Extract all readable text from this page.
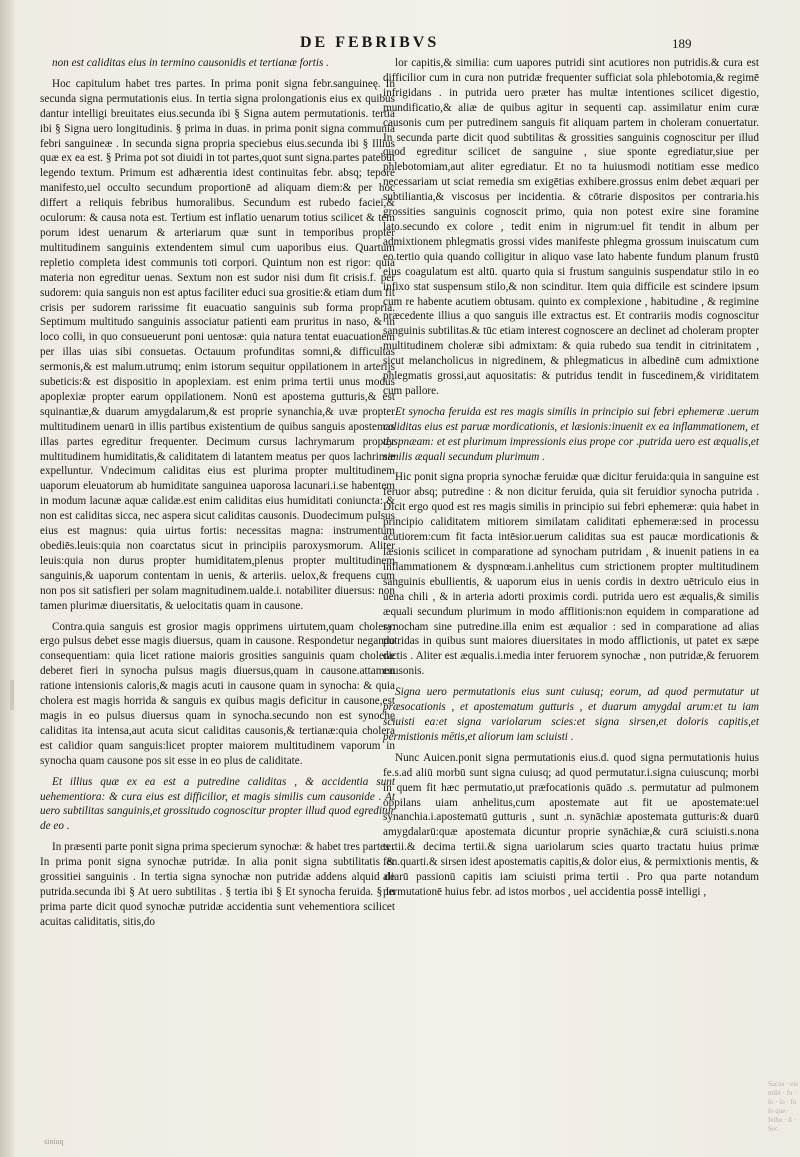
DE FEBRIBVS	189

non est caliditas eius in termino causonidis et tertianæ fortis .

Hoc capitulum habet tres partes. In prima ponit signa febr.sanguineę. In secunda signa permutationis eius. In tertia signa prolongationis eius ex quibus dantur intelligi breuitates eius.secunda ibi § Signa autem permutationis. tertia ibi § Signa uero longitudinis. § prima in duas. in prima ponit signa communia febri sanguineæ . In secunda signa propria speciebus eius.secunda ibi § Illius quæ ex ea est. § Prima pot sot diuidi in tot partes,quot sunt signa.partes patebūt legendo textum. Primum est adhærentia idest continuitas febr. absq; tepore manifesto,uel occulto secundum proportionē ad aliquam diem:& per hoc differt a reliquis febribus humoralibus. Secundum est rubedo faciei,& oculorum: & causa nota est. Tertium est inflatio uenarum totius scilicet & tem porum idest uenarum & arteriarum quæ sunt in temporibus propter multitudinem sanguinis extendentem simul cum uaporibus eius. Quartum repletio completa idest communis toti corpori. Quintum non est rigor: quia materia non egreditur uenas. Sextum non est sudor nisi dum fit crisis.f. per sudorem: quia sanguis non est aptus faciliter educi sua grositie:& etiam dum fit crisis per sudorem rarissime fit euacuatio sanguinis sub forma propria. Septimum multitudo sanguinis associatur patienti eam pruritus in naso, & in loco colli, in quo consueuerunt poni uentosæ: quia natura tentat euacuationem per illas uias sibi consuetas. Octauum profunditas somni,& difficultas sermonis,& est malum.utrumq; enim istorum sequitur oppilationem in arterijs subeticis:& est dispositio in apoplexiam. est enim prima tertii unus modus apoplexiæ propter earum oppilationem. Nonū est apostema gutturis,& est squinantiæ,& duarum amygdalarum,& est proprie synanchia,& uvæ propter multitudinem uenarū in illis partibus existentium de quibus sanguis apostemas illas partes egreditur frequenter. Decimum cursus lachrymarum propter multitudinem humiditatis,& caliditatem di latantem meatus per quos lachrimæ expelluntur. Vndecimum caliditas eius est plurima propter multitudinem uaporum eleuatorum ab humiditate sanguinea uaporosa lacunari.i.se habentem in modum lacunæ aquæ calidæ.est enim caliditas eius humiditati coniuncta: & non est caliditas sicca, nec aspera sicut caliditas causonis. Duodecimum pulsus eius est magnus: quia uirtus fortis: necessitas magna: instrumentum obediēs.leuis:quia non coarctatus sicut in principiis paroxysmorum. Aliter leuis:quia non durus propter humiditatem,plenus propter multitudinem sanguinis,& uaporum contentam in uenis, & arteriis. uelox,& frequens cum non pos sit satisfieri per solam magnitudinem.ualde.i. notabiliter diuersus: non tamen plurimæ diuersitatis, & uelocitatis quam in causone.

Contra.quia sanguis est grosior magis opprimens uirtutem,quam cholera: ergo pulsus debet esse magis diuersus, quam in causone. Respondetur negando consequentiam: quia licet ratione maioris grosities sanguinis quam choleræ deberet fieri in synocha pulsus magis diuersus,quam in causone.attamen ratione intensionis caloris,& magis acuti in causone quam in synocha: & quia cholera est magis horrida & sanguis ex quibus magis deficitur in causone,est magis in eo pulsus diuersus quam in synocha.secundo non est synochę caliditas ita intensa,aut acuta sicut caliditas causonis,& tertianæ:quia cholera est calidior quam sanguis:licet propter maiorem multitudinem vaporum in synocha quam causone pos sit esse in eo plus de caliditate.

Et illius quæ ex ea est a putredine caliditas , & accidentia sunt uehementiora: & cura eius est difficilior, et magis similis cum causonide . At uero subtilitas sanguinis,et grossitudo cognoscitur propter illud quod egreditur de eo .

In præsenti parte ponit signa prima specierum synochæ: & habet tres partes . In prima ponit signa synochæ putridæ. In alia ponit signa subtilitatis & grossitiei sanguinis . In tertia signa synochæ non putridæ addens alquid de putrida.secunda ibi § At uero subtilitas . § tertia ibi § Et synocha feruida. § In prima parte dicit quod synochæ putridæ accidentia sunt vehementiora scilicet acuitas caliditatis, sitis,do

lor capitis,& similia: cum uapores putridi sint acutiores non putridis.& cura est difficilior cum in cura non putridæ frequenter sufficiat sola phlebotomia,& regimē infrigidans . in putrida uero præter has multæ intentiones scilicet digestio, mundificatio,& aliæ de quibus agitur in sequenti cap. assimilatur enim curæ causonis cum per putredinem sanguis fit aliquam partem in choleram conuertatur. In secunda parte dicit quod subtilitas & grossities sanguinis cognoscitur per illud quod egreditur scilicet de sanguine , siue sponte egrediatur,siue per phlebotomiam,aut aliter egrediatur. Et no ta huiusmodi notitiam esse medico necessariam ut sciat remedia sm exigētias exhibere.grossus enim debet æquari per subtiliantia,& viscosus per incidentia. & cōtrarie dispositos per contraria.his grossities sanguinis cognoscit primo, quia non potest exire sine foramine lato.secundo ex colore , tedit enim in nigrum:uel fit tendit in album per admixtionem phlegmatis grossi vides manifeste phlegma grossum inuiscatum cum eo.tertio quia quando colligitur in aliquo vase lato habente fundum planum frustū eius coagulatum est altū. quarto quia si frustum sanguinis suspendatur stilo in eo infixo stat suspensum stilo,& non scinditur. Item quia difficile est scindere ipsum cum re habente acutiem obtusam. quinto ex complexione , habitudine , & regimine præcedente illius a quo sanguis ille extractus est. Et contrariis modis cognoscitur sanguinis subtilitas.& tūc etiam interest cognoscere an declinet ad choleram propter multitudinem choleræ sibi admixtam: & quia rubedo sua tendit in citrinitatem , sicut melancholicus in nigredinem, & phlegmaticus in albedinē cum admixtione phlegmatis grossi,aut aquositatis: & putridus tendit in fuscedinem,& viriditatem cum pallore.

Et synocha feruida est res magis similis in principio sui febri ephemeræ .uerum caliditas eius est paruæ mordicationis, et læsionis:inuenit ex ea inflammationem, et dyspnæam: et est plurimum impressionis eius prope cor .putrida uero est æqualis,et similis æquali secundum plurimum .

Hic ponit signa propria synochæ feruidæ quæ dicitur feruida:quia in sanguine est feruor absq; putredine : & non dicitur feruida, quia sit feruidior synocha putrida . Dicit ergo quod est res magis similis in principio sui febri ephemeræ: quia habet in principio caliditatem mitiorem similatam caliditati ephemeræ:sed in processu acutiorem:cum fit facta intēsior.uerum caliditas sua est paucæ mordicationis & læsionis scilicet in comparatione ad synocham putridam , & inuenit patiens in ea inflammationem & dyspnœam.i.anhelitus cum strictionem propter multitudinem sanguinis ebullientis, & uaporum eius in uenis cordis in dextro uētriculo eius in uena chili , & in arteria adorti proximis cordi. putrida uero est æqualis,& similis æquali secundum plurimum in modo afflitionis:non equidem in comparatione ad synocham sine putredine.illa enim est æqualior : sed in comparatione ad alias putridas in quibus sunt maiores diuersitates in modo afflictionis, ut patet ex sæpe dictis . Aliter est æqualis.i.media inter feruorem synochæ , non putridæ,& feruorem causonis.

Signa uero permutationis eius sunt cuiusq; eorum, ad quod permutatur ut præsocationis , et apostematum gutturis , et duarum amygdal arum:et tu iam sciuisti ea:et signa variolarum scies:et signa sirsen,et doloris capitis,et permistionis mētis,et aliorum iam sciuisti .

Nunc Auicen.ponit signa permutationis eius.d. quod signa permutationis huius fe.s.ad aliū morbū sunt signa cuiusq; ad quod permutatur.i.signa cuiuscunq; morbi in quem fit hæc permutatio,ut præfocationis quādo .s. permutatur ad pulmonem oppilans uiam anhelitus,cum apostemate aut fit ue apostemate:uel synanchia.i.apostematū gutturis , sunt .n. synāchiæ apostemata gutturis:& duarū amygdalarū:quæ apostemata dicuntur proprie synāchiæ,& curā sciuisti.s.nona tertii.& decima tertii.& signa uariolarum scies quarto tractatu huius primæ fen.quarti.& sirsen idest apostematis capitis,& dolor eius, & permixtionis mentis, & aliarū passionū capitis iam sciuisti prima tertii . Pro qua parte notandum permutationē huius febr. ad istos morbos , uel accidentia possē intelligi ,

Sacus · eis mibi · fu · ſo · ſo · fo ſo que · fetho · ſi · Sec.
siniuq
